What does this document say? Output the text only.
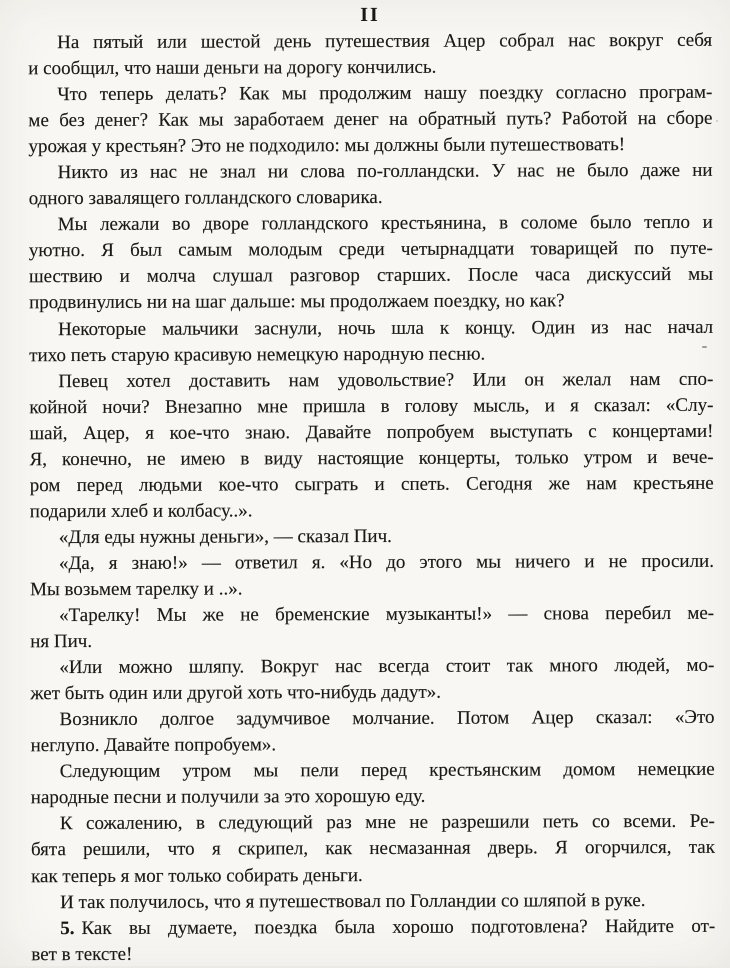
II
На пятый или шестой день путешествия Ацер собрал нас вокруг себя
и сообщил, что наши деньги на дорогу кончились.
Что теперь делать? Как мы продолжим нашу поездку согласно програм-
ме без денег? Как мы заработаем денег на обратный путь? Работой на сборе
урожая у крестьян? Это не подходило: мы должны были путешествовать!
Никто из нас не знал ни слова по-голландски. У нас не было даже ни
одного завалящего голландского словарика.
Мы лежали во дворе голландского крестьянина, в соломе было тепло и
уютно. Я был самым молодым среди четырнадцати товарищей по путе-
шествию и молча слушал разговор старших. После часа дискуссий мы
продвинулись ни на шаг дальше: мы продолжаем поездку, но как?
Некоторые мальчики заснули, ночь шла к концу. Один из нас начал
тихо петь старую красивую немецкую народную песню.
Певец хотел доставить нам удовольствие? Или он желал нам спо-
койной ночи? Внезапно мне пришла в голову мысль, и я сказал: «Слу-
шай, Ацер, я кое-что знаю. Давайте попробуем выступать с концертами!
Я, конечно, не имею в виду настоящие концерты, только утром и вече-
ром перед людьми кое-что сыграть и спеть. Сегодня же нам крестьяне
подарили хлеб и колбасу..».
«Для еды нужны деньги», — сказал Пич.
«Да, я знаю!» — ответил я. «Но до этого мы ничего и не просили.
Мы возьмем тарелку и ..».
«Тарелку! Мы же не бременские музыканты!» — снова перебил ме-
ня Пич.
«Или можно шляпу. Вокруг нас всегда стоит так много людей, мо-
жет быть один или другой хоть что-нибудь дадут».
Возникло долгое задумчивое молчание. Потом Ацер сказал: «Это
неглупо. Давайте попробуем».
Следующим утром мы пели перед крестьянским домом немецкие
народные песни и получили за это хорошую еду.
К сожалению, в следующий раз мне не разрешили петь со всеми. Ре-
бята решили, что я скрипел, как несмазанная дверь. Я огорчился, так
как теперь я мог только собирать деньги.
И так получилось, что я путешествовал по Голландии со шляпой в руке.
5. Как вы думаете, поездка была хорошо подготовлена? Найдите от-
вет в тексте!
